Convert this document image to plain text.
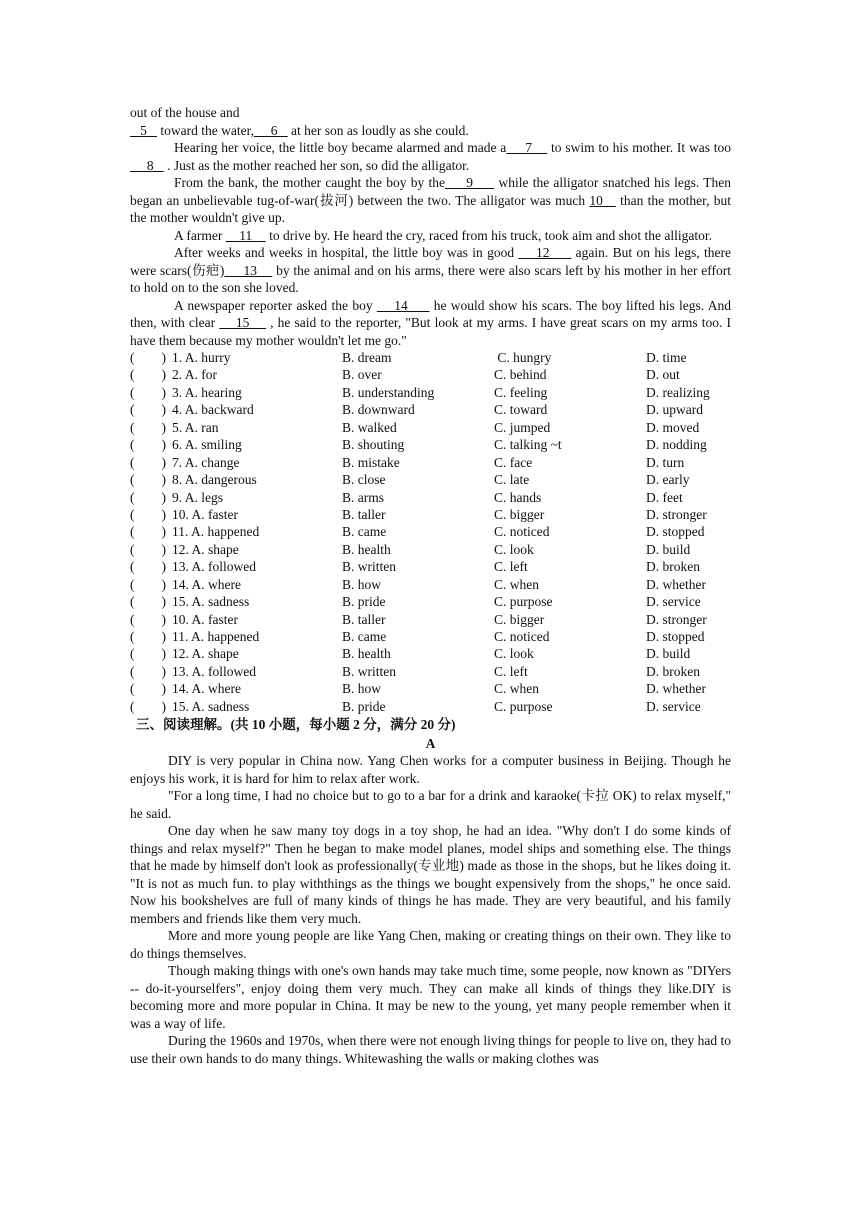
out of the house and

5    toward the water,     6    at her son as loudly as she could.

Hearing her voice, the little boy became alarmed and made a     7     to swim to his mother. It was too     8    . Just as the mother reached her son, so did the alligator.

From the bank, the mother caught the boy by the     9      while the alligator snatched his legs. Then began an unbelievable tug-of-war(拔河) between the two. The alligator was much 10    than the mother, but the mother wouldn't give up.

A farmer     11     to drive by. He heard the cry, raced from his truck, took aim and shot the alligator.

After weeks and weeks in hospital, the little boy was in good     12      again. But on his legs, there were scars(伤疤)     13     by the animal and on his arms, there were also scars left by his mother in her effort to hold on to the son she loved.

A newspaper reporter asked the boy     14      he would show his scars. The boy lifted his legs. And then, with clear     15     , he said to the reporter, "But look at my arms. I have great scars on my arms too. I have them because my mother wouldn't let me go."

(        ) 1. A. hurry	B. dream	C. hungry	D. time
(        ) 2. A. for	B. over	C. behind	D. out
(        ) 3. A. hearing	B. understanding	C. feeling	D. realizing
(        ) 4. A. backward	B. downward	C. toward	D. upward
(        ) 5. A. ran	B. walked	C. jumped	D. moved
(        ) 6. A. smiling	B. shouting	C. talking ~t	D. nodding
(        ) 7. A. change	B. mistake	C. face	D. turn
(        ) 8. A. dangerous	B. close	C. late	D. early
(        ) 9. A. legs	B. arms	C. hands	D. feet
(        ) 10. A. faster	B. taller	C. bigger	D. stronger
(        ) 11. A. happened	B. came	C. noticed	D. stopped
(        ) 12. A. shape	B. health	C. look	D. build
(        ) 13. A. followed	B. written	C. left	D. broken
(        ) 14. A. where	B. how	C. when	D. whether
(        ) 15. A. sadness	B. pride	C. purpose	D. service
(        ) 10. A. faster	B. taller	C. bigger	D. stronger
(        ) 11. A. happened	B. came	C. noticed	D. stopped
(        ) 12. A. shape	B. health	C. look	D. build
(        ) 13. A. followed	B. written	C. left	D. broken
(        ) 14. A. where	B. how	C. when	D. whether
(        ) 15. A. sadness	B. pride	C. purpose	D. service

三、阅读理解。(共 10 小题，每小题 2 分，满分 20 分)

A

DIY is very popular in China now. Yang Chen works for a computer business in Beijing. Though he enjoys his work, it is hard for him to relax after work.

"For a long time, I had no choice but to go to a bar for a drink and karaoke(卡拉 OK) to relax myself," he said.

One day when he saw many toy dogs in a toy shop, he had an idea. "Why don't I do some kinds of things and relax myself?" Then he began to make model planes, model ships and something else. The things that he made by himself don't look as professionally(专业地) made as those in the shops, but he likes doing it. "It is not as much fun. to play withthings as the things we bought expensively from the shops," he once said. Now his bookshelves are full of many kinds of things he has made. They are very beautiful, and his family members and friends like them very much.

More and more young people are like Yang Chen, making or creating things on their own. They like to do things themselves.

Though making things with one's own hands may take much time, some people, now known as "DIYers -- do-it-yourselfers", enjoy doing them very much. They can make all kinds of things they like.DIY is becoming more and more popular in China. It may be new to the young, yet many people remember when it was a way of life.

During the 1960s and 1970s, when there were not enough living things for people to live on, they had to use their own hands to do many things. Whitewashing the walls or making clothes was
